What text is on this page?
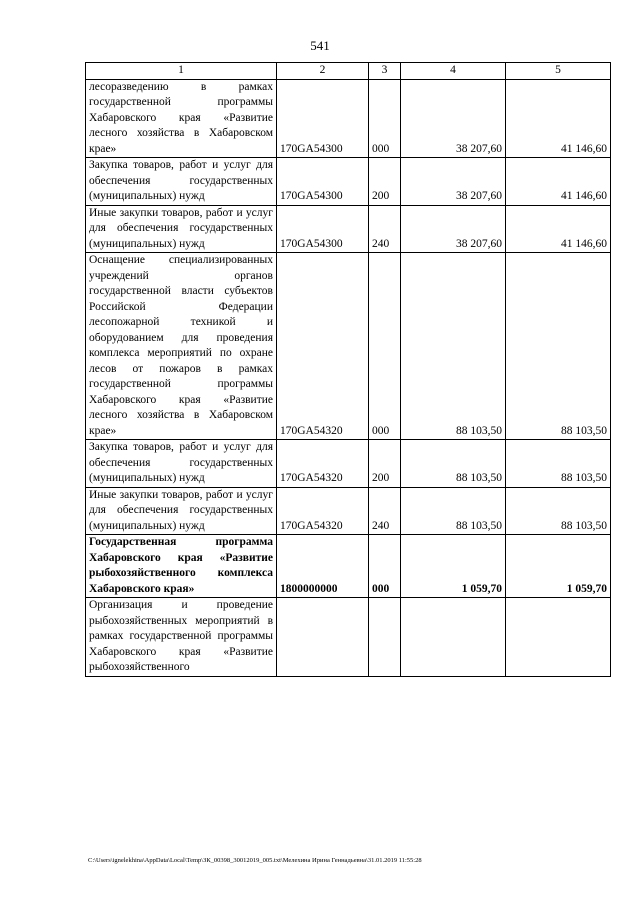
541
1	2	3	4	5
лесоразведению в рамках государственной программы Хабаровского края «Развитие лесного хозяйства в Хабаровском крае»	170GA54300	000	38 207,60	41 146,60
Закупка товаров, работ и услуг для обеспечения государственных (муниципальных) нужд	170GA54300	200	38 207,60	41 146,60
Иные закупки товаров, работ и услуг для обеспечения государственных (муниципальных) нужд	170GA54300	240	38 207,60	41 146,60
Оснащение специализированных учреждений органов государственной власти субъектов Российской Федерации лесопожарной техникой и оборудованием для проведения комплекса мероприятий по охране лесов от пожаров в рамках государственной программы Хабаровского края «Развитие лесного хозяйства в Хабаровском крае»	170GA54320	000	88 103,50	88 103,50
Закупка товаров, работ и услуг для обеспечения государственных (муниципальных) нужд	170GA54320	200	88 103,50	88 103,50
Иные закупки товаров, работ и услуг для обеспечения государственных (муниципальных) нужд	170GA54320	240	88 103,50	88 103,50
Государственная программа Хабаровского края «Развитие рыбохозяйственного комплекса Хабаровского края»	1800000000	000	1 059,70	1 059,70
Организация и проведение рыбохозяйственных мероприятий в рамках государственной программы Хабаровского края «Развитие рыбохозяйственного				
C:\Users\ignelekhina\AppData\Local\Temp\ЗК_00398_30012019_005.txt\Мелехина Ирина Геннадьевна\31.01.2019 11:55:28
